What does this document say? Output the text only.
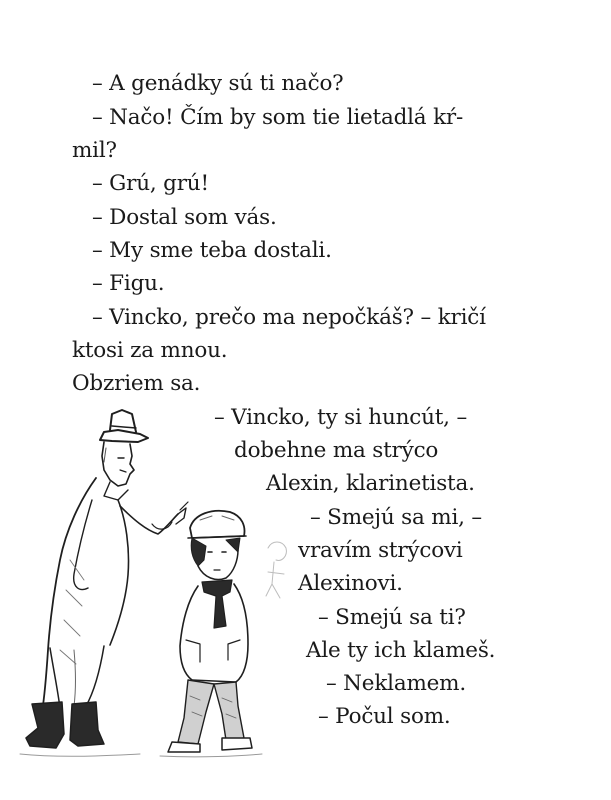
– A genádky sú ti načo?
– Načo! Čím by som tie lietadlá kŕ-
mil?
– Grú, grú!
– Dostal som vás.
– My sme teba dostali.
– Figu.
– Vincko, prečo ma nepočkáš? – kričí
ktosi za mnou.
Obzriem sa.
– Vincko, ty si huncút, –
dobehne ma strýco
Alexin, klarinetista.
– Smejú sa mi, –
vravím strýcovi
Alexinovi.
– Smejú sa ti?
Ale ty ich klameš.
– Neklamem.
– Počul som.
